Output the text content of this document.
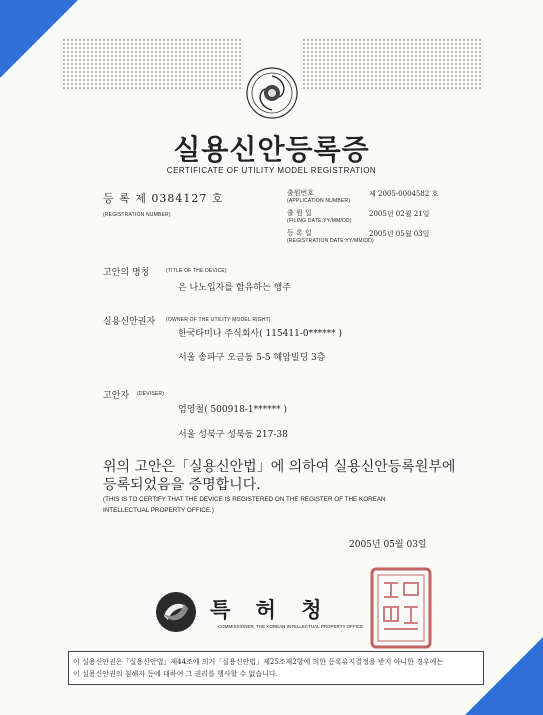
실용신안등록증
CERTIFICATE OF UTILITY MODEL REGISTRATION
등 록 제 0384127 호
(REGISTRATION NUMBER)
출원번호
(APPLICATION NUMBER)
제 2005-0004582 호
출 원 일
(FILING DATE:YY/MM/DD)
2005년 02월 21일
등 록 일
(REGISTRATION DATE:YY/MM/DD)
2005년 05월 03일
고안의 명칭	(TITLE OF THE DEVICE)
은 나노입자를 함유하는 행주
실용신안권자 (OWNER OF THE UTILITY MODEL RIGHT)
한국타미나 주식회사( 115411-0****** )
서울 송파구 오금동 5-5 혜암빌딩 3층
고안자 (DEVISER)
엄영철( 500918-1****** )
서울 성북구 성북동 217-38
위의 고안은「실용신안법」에 의하여 실용신안등록원부에
등록되었음을 증명합니다.
(THIS IS TO CERTIFY THAT THE DEVICE IS REGISTERED ON THE REGISTER OF THE KOREAN
INTELLECTUAL PROPERTY OFFICE.)
2005년 05월 03일
특 허 청
COMMISSIONER, THE KOREAN INTELLECTUAL PROPERTY OFFICE
이 실용신안권은「실용신안법」제44조에 의거「실용신안법」제25조제2항에 의한 등록유지결정을 받지 아니한 경우에는
이 실용신안권의 침해자 등에 대하여 그 권리를 행사할 수 없습니다.
